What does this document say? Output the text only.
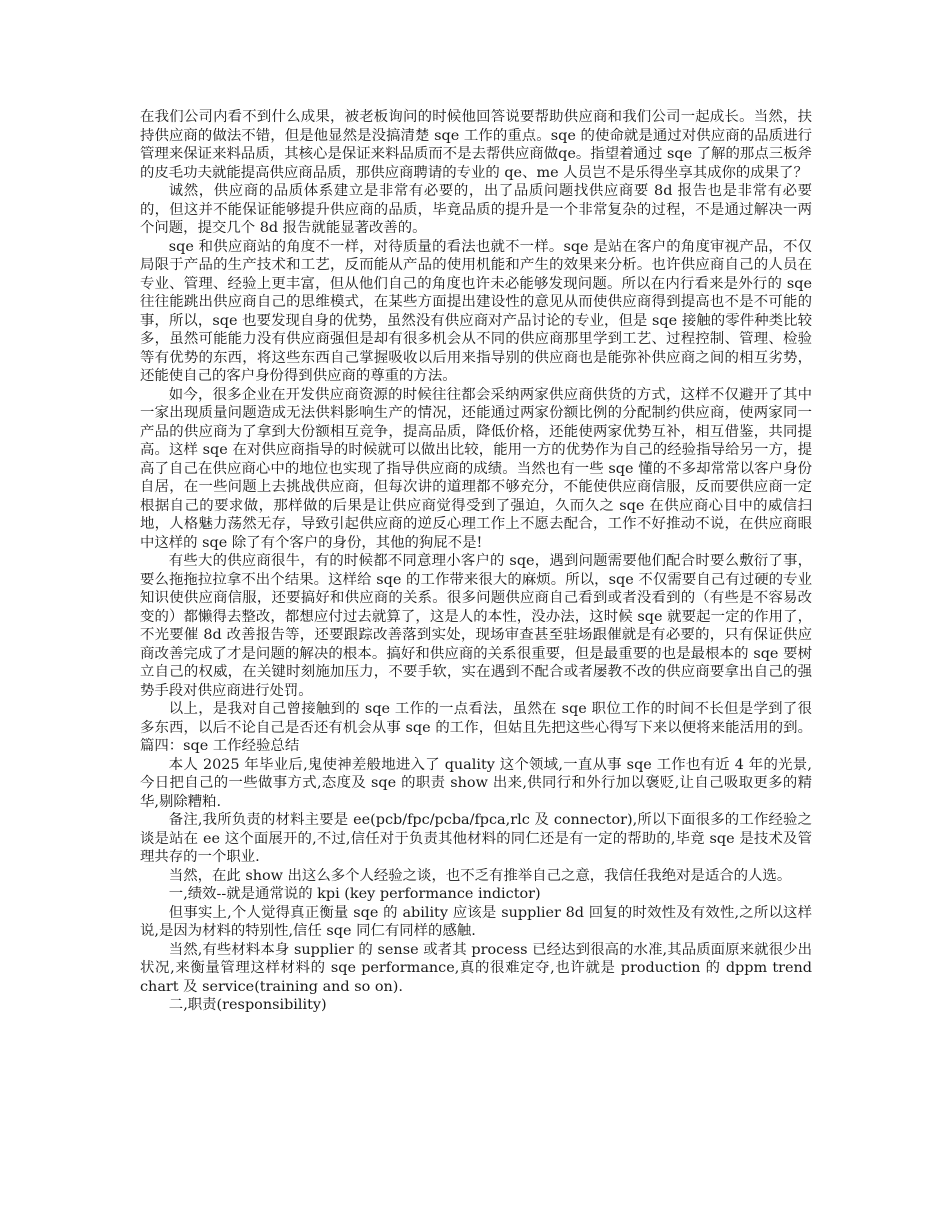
在我们公司内看不到什么成果，被老板询问的时候他回答说要帮助供应商和我们公司一起成长。当然，扶持供应商的做法不错，但是他显然是没搞清楚 sqe 工作的重点。sqe 的使命就是通过对供应商的品质进行管理来保证来料品质，其核心是保证来料品质而不是去帮供应商做qe。指望着通过 sqe 了解的那点三板斧的皮毛功夫就能提高供应商品质，那供应商聘请的专业的 qe、me 人员岂不是乐得坐享其成你的成果了？

诚然，供应商的品质体系建立是非常有必要的，出了品质问题找供应商要 8d 报告也是非常有必要的，但这并不能保证能够提升供应商的品质，毕竟品质的提升是一个非常复杂的过程，不是通过解决一两个问题，提交几个 8d 报告就能显著改善的。

sqe 和供应商站的角度不一样，对待质量的看法也就不一样。sqe 是站在客户的角度审视产品，不仅局限于产品的生产技术和工艺，反而能从产品的使用机能和产生的效果来分析。也许供应商自己的人员在专业、管理、经验上更丰富，但从他们自己的角度也许未必能够发现问题。所以在内行看来是外行的 sqe 往往能跳出供应商自己的思维模式，在某些方面提出建设性的意见从而使供应商得到提高也不是不可能的事，所以，sqe 也要发现自身的优势，虽然没有供应商对产品讨论的专业，但是 sqe 接触的零件种类比较多，虽然可能能力没有供应商强但是却有很多机会从不同的供应商那里学到工艺、过程控制、管理、检验等有优势的东西，将这些东西自己掌握吸收以后用来指导别的供应商也是能弥补供应商之间的相互劣势，还能使自己的客户身份得到供应商的尊重的方法。

如今，很多企业在开发供应商资源的时候往往都会采纳两家供应商供货的方式，这样不仅避开了其中一家出现质量问题造成无法供料影响生产的情况，还能通过两家份额比例的分配制约供应商，使两家同一产品的供应商为了拿到大份额相互竞争，提高品质，降低价格，还能使两家优势互补，相互借鉴，共同提高。这样 sqe 在对供应商指导的时候就可以做出比较，能用一方的优势作为自己的经验指导给另一方，提高了自己在供应商心中的地位也实现了指导供应商的成绩。当然也有一些 sqe 懂的不多却常常以客户身份自居，在一些问题上去挑战供应商，但每次讲的道理都不够充分，不能使供应商信服，反而要供应商一定根据自己的要求做，那样做的后果是让供应商觉得受到了强迫，久而久之 sqe 在供应商心目中的威信扫地，人格魅力荡然无存，导致引起供应商的逆反心理工作上不愿去配合，工作不好推动不说，在供应商眼中这样的 sqe 除了有个客户的身份，其他的狗屁不是!

有些大的供应商很牛，有的时候都不同意理小客户的 sqe，遇到问题需要他们配合时要么敷衍了事，要么拖拖拉拉拿不出个结果。这样给 sqe 的工作带来很大的麻烦。所以，sqe 不仅需要自己有过硬的专业知识使供应商信服，还要搞好和供应商的关系。很多问题供应商自己看到或者没看到的（有些是不容易改变的）都懒得去整改，都想应付过去就算了，这是人的本性，没办法，这时候 sqe 就要起一定的作用了，不光要催 8d 改善报告等，还要跟踪改善落到实处，现场审查甚至驻场跟催就是有必要的，只有保证供应商改善完成了才是问题的解决的根本。搞好和供应商的关系很重要，但是最重要的也是最根本的 sqe 要树立自己的权威，在关键时刻施加压力，不要手软，实在遇到不配合或者屡教不改的供应商要拿出自己的强势手段对供应商进行处罚。

以上，是我对自己曾接触到的 sqe 工作的一点看法，虽然在 sqe 职位工作的时间不长但是学到了很多东西，以后不论自己是否还有机会从事 sqe 的工作，但姑且先把这些心得写下来以便将来能活用的到。篇四：sqe 工作经验总结

本人 2025 年毕业后,鬼使神差般地进入了 quality 这个领域,一直从事 sqe 工作也有近 4 年的光景,今日把自己的一些做事方式,态度及 sqe 的职责 show 出来,供同行和外行加以褒贬,让自己吸取更多的精华,剔除糟粕.

备注,我所负责的材料主要是 ee(pcb/fpc/pcba/fpca,rlc 及 connector),所以下面很多的工作经验之谈是站在 ee 这个面展开的,不过,信任对于负责其他材料的同仁还是有一定的帮助的,毕竟 sqe 是技术及管理共存的一个职业.

当然，在此 show 出这么多个人经验之谈，也不乏有推举自己之意，我信任我绝对是适合的人选。

一,绩效--就是通常说的 kpi (key performance indictor)

但事实上,个人觉得真正衡量 sqe 的 ability 应该是 supplier 8d 回复的时效性及有效性,之所以这样说,是因为材料的特别性,信任 sqe 同仁有同样的感触.

当然,有些材料本身 supplier 的 sense 或者其 process 已经达到很高的水准,其品质面原来就很少出状况,来衡量管理这样材料的 sqe performance,真的很难定夺,也许就是 production 的 dppm trend chart 及 service(training and so on).

二,职责(responsibility)
